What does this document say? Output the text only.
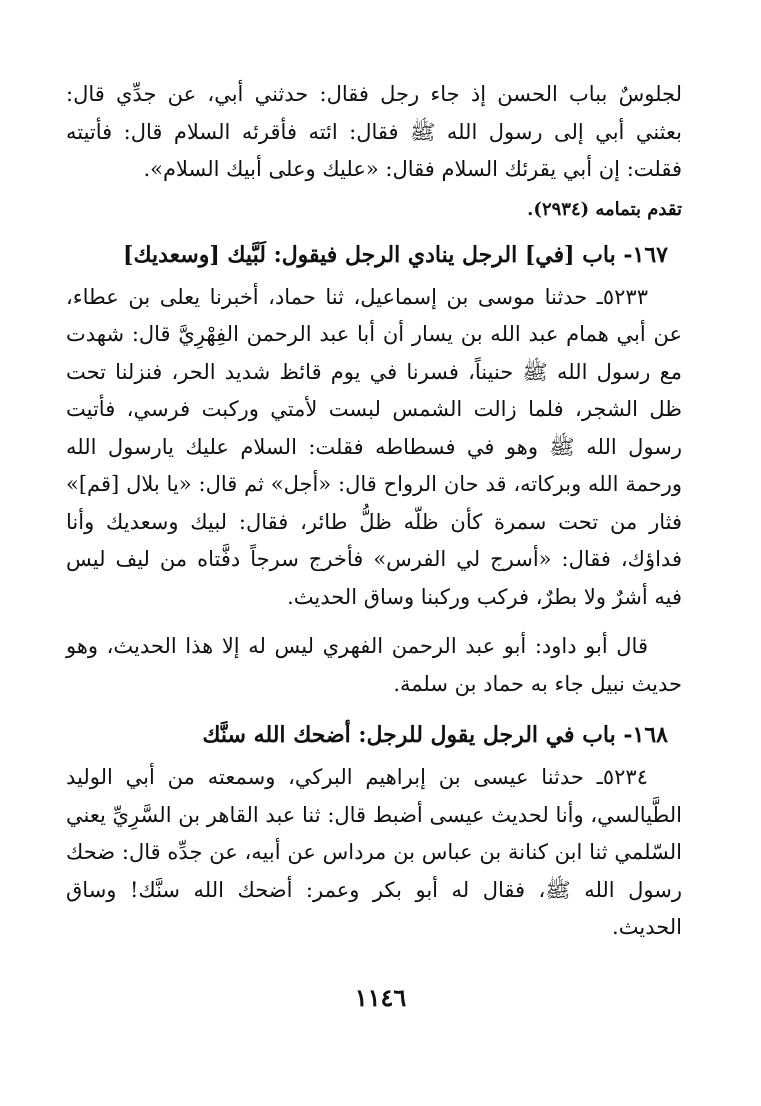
لجلوسٌ بباب الحسن إذ جاء رجل فقال: حدثني أبي، عن جدِّي قال: بعثني أبي إلى رسول الله ﷺ فقال: ائته فأقرئه السلام قال: فأتيته فقلت: إن أبي يقرئك السلام فقال: «عليك وعلى أبيك السلام».

تقدم بتمامه (٢٩٣٤).

١٦٧- باب [في] الرجل ينادي الرجل فيقول: لَبَّيك [وسعديك]

٥٢٣٣ـ حدثنا موسى بن إسماعيل، ثنا حماد، أخبرنا يعلى بن عطاء، عن أبي همام عبد الله بن يسار أن أبا عبد الرحمن الفِهْرِيَّ قال: شهدت مع رسول الله ﷺ حنيناً، فسرنا في يوم قائظ شديد الحر، فنزلنا تحت ظل الشجر، فلما زالت الشمس لبست لأمتي وركبت فرسي، فأتيت رسول الله ﷺ وهو في فسطاطه فقلت: السلام عليك يارسول الله ورحمة الله وبركاته، قد حان الرواح قال: «أجل» ثم قال: «يا بلال [قم]» فثار من تحت سمرة كأن ظلّه ظلُّ طائر، فقال: لبيك وسعديك وأنا فداؤك، فقال: «أسرج لي الفرس» فأخرج سرجاً دفَّتاه من ليف ليس فيه أشرٌ ولا بطرٌ، فركب وركبنا وساق الحديث.

قال أبو داود: أبو عبد الرحمن الفهري ليس له إلا هذا الحديث، وهو حديث نبيل جاء به حماد بن سلمة.

١٦٨- باب في الرجل يقول للرجل: أضحك الله سنَّك

٥٢٣٤ـ حدثنا عيسى بن إبراهيم البركي، وسمعته من أبي الوليد الطَّيالسي، وأنا لحديث عيسى أضبط قال: ثنا عبد القاهر بن السَّرِيِّ يعني السّلمي ثنا ابن كنانة بن عباس بن مرداس عن أبيه، عن جدِّه قال: ضحك رسول الله ﷺ، فقال له أبو بكر وعمر: أضحك الله سنَّك! وساق الحديث.

١١٤٦
